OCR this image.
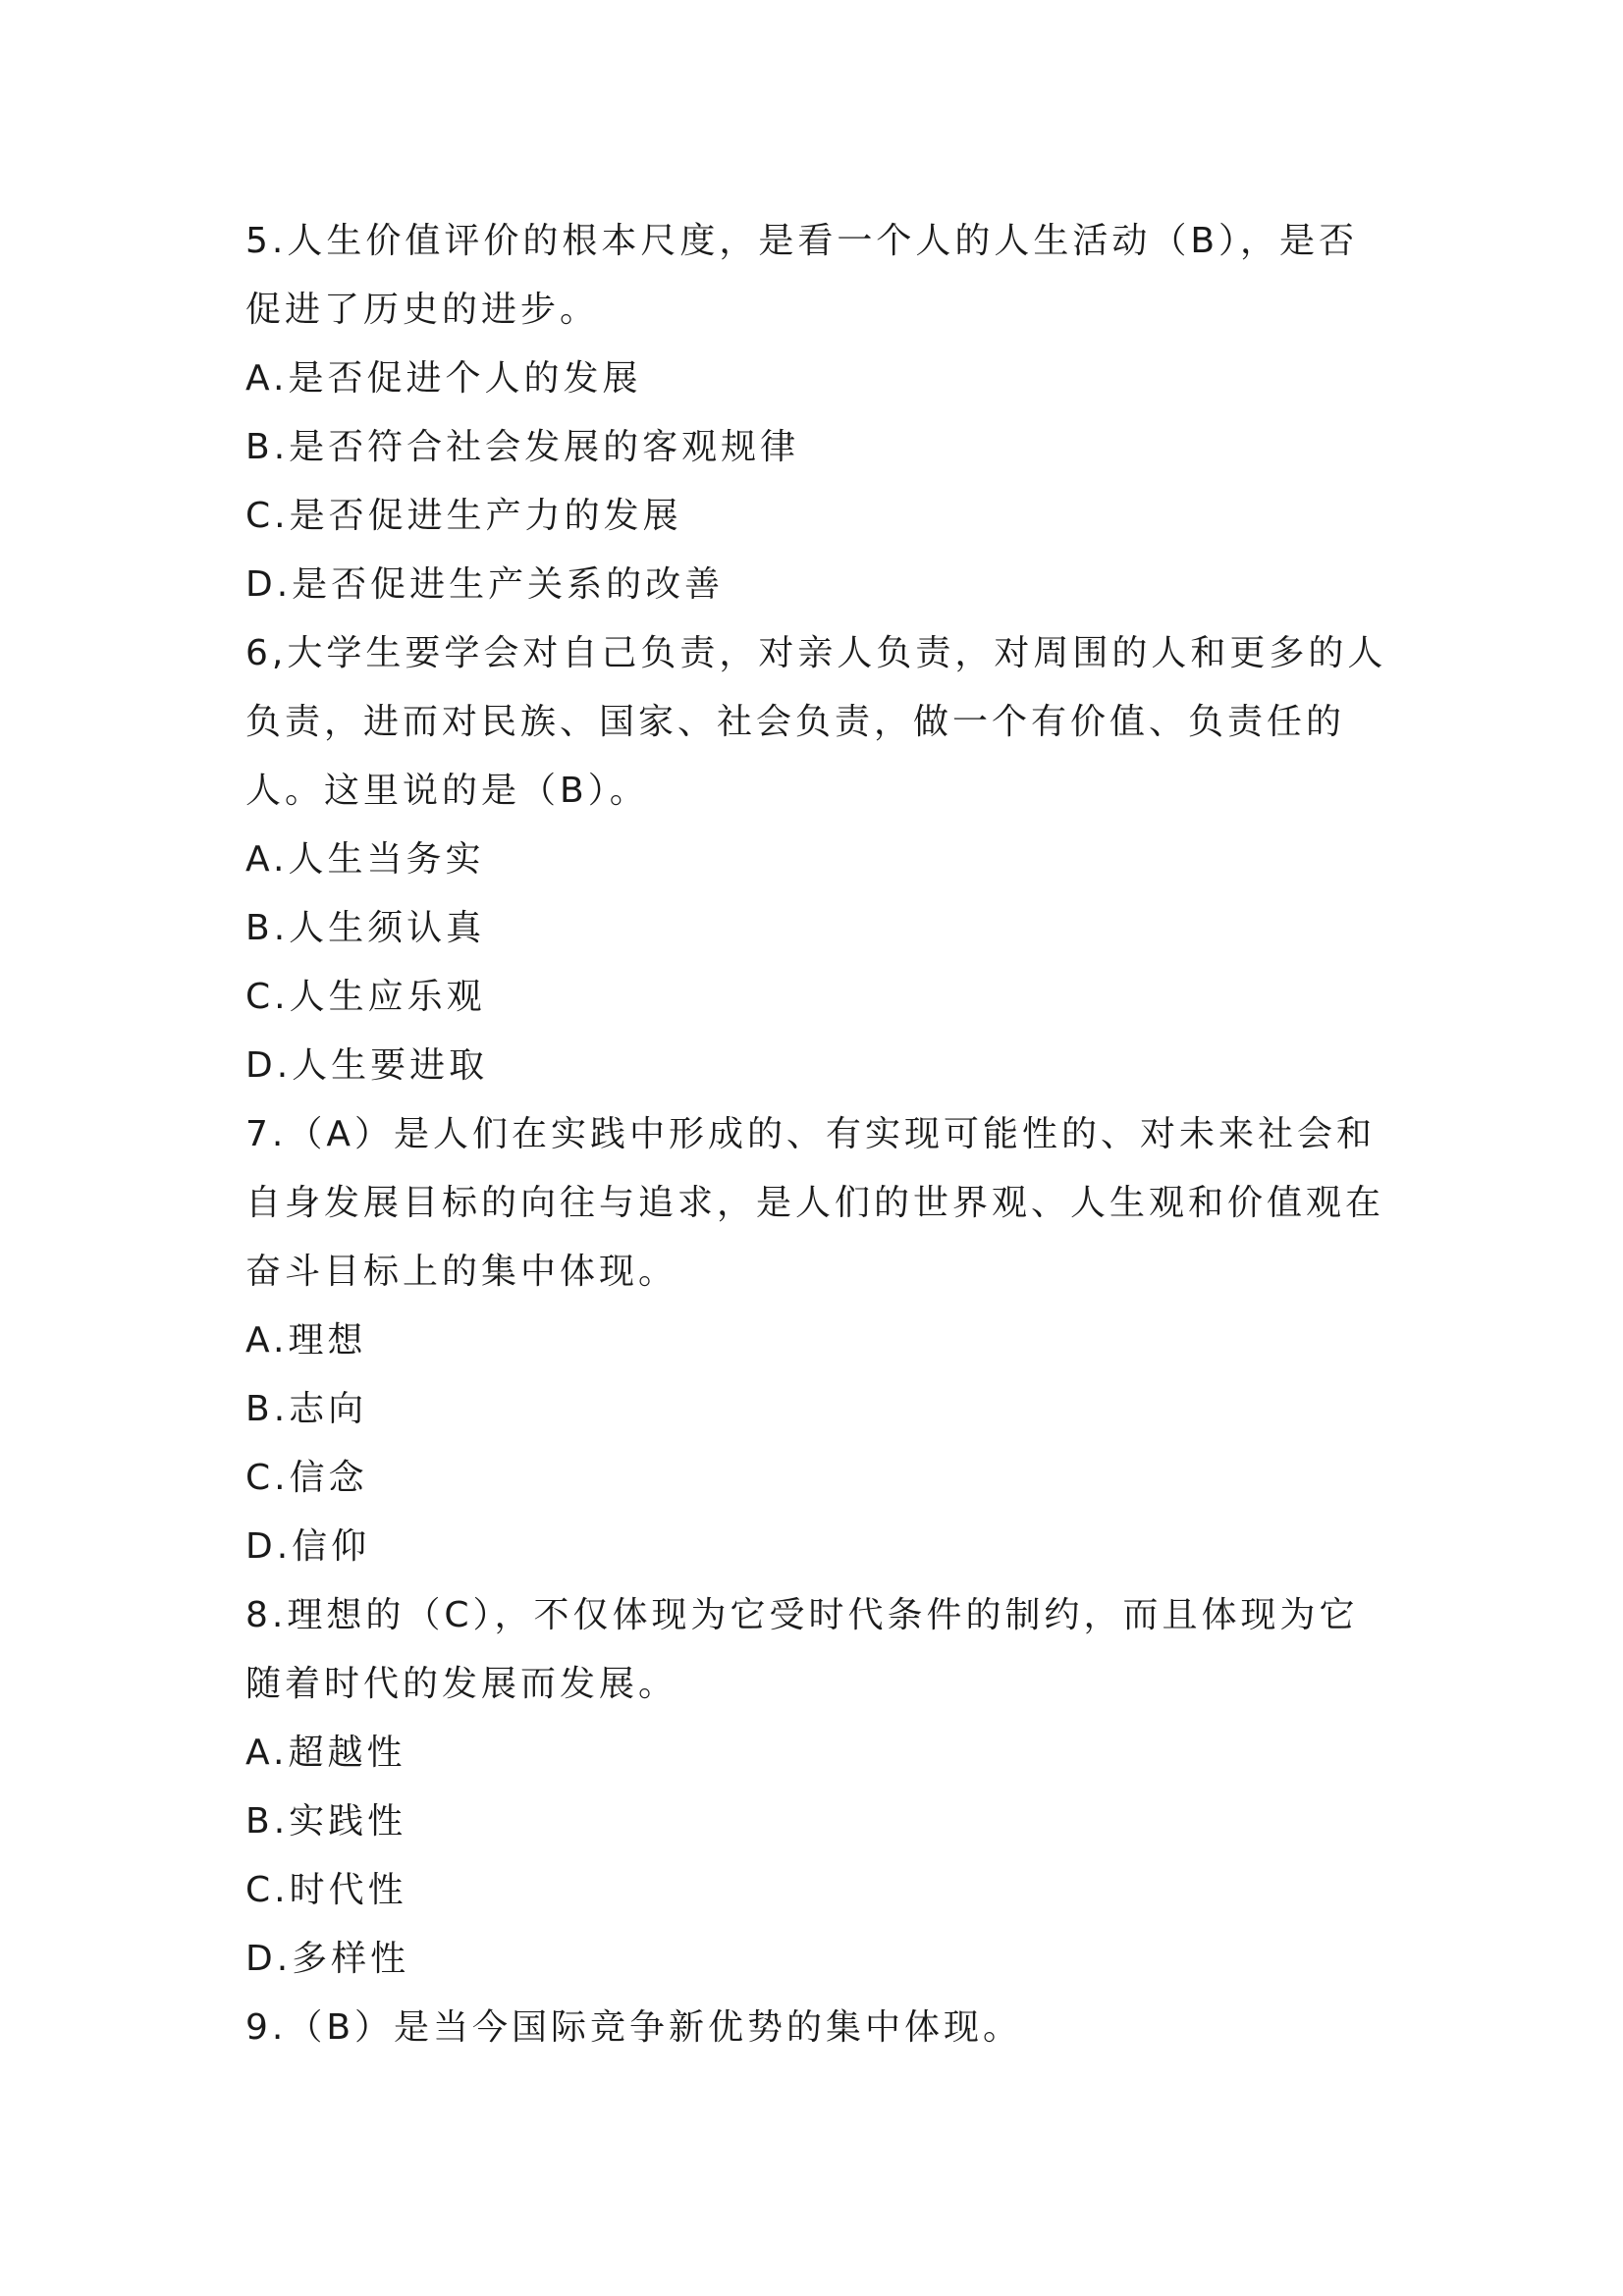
5.人生价值评价的根本尺度，是看一个人的人生活动（B），是否促进了历史的进步。

A.是否促进个人的发展

B.是否符合社会发展的客观规律

C.是否促进生产力的发展

D.是否促进生产关系的改善

6,大学生要学会对自己负责，对亲人负责，对周围的人和更多的人负责，进而对民族、国家、社会负责，做一个有价值、负责任的人。这里说的是（B）。

A.人生当务实

B.人生须认真

C.人生应乐观

D.人生要进取

7.（A）是人们在实践中形成的、有实现可能性的、对未来社会和自身发展目标的向往与追求，是人们的世界观、人生观和价值观在奋斗目标上的集中体现。

A.理想

B.志向

C.信念

D.信仰

8.理想的（C），不仅体现为它受时代条件的制约，而且体现为它随着时代的发展而发展。

A.超越性

B.实践性

C.时代性

D.多样性

9.（B）是当今国际竞争新优势的集中体现。
